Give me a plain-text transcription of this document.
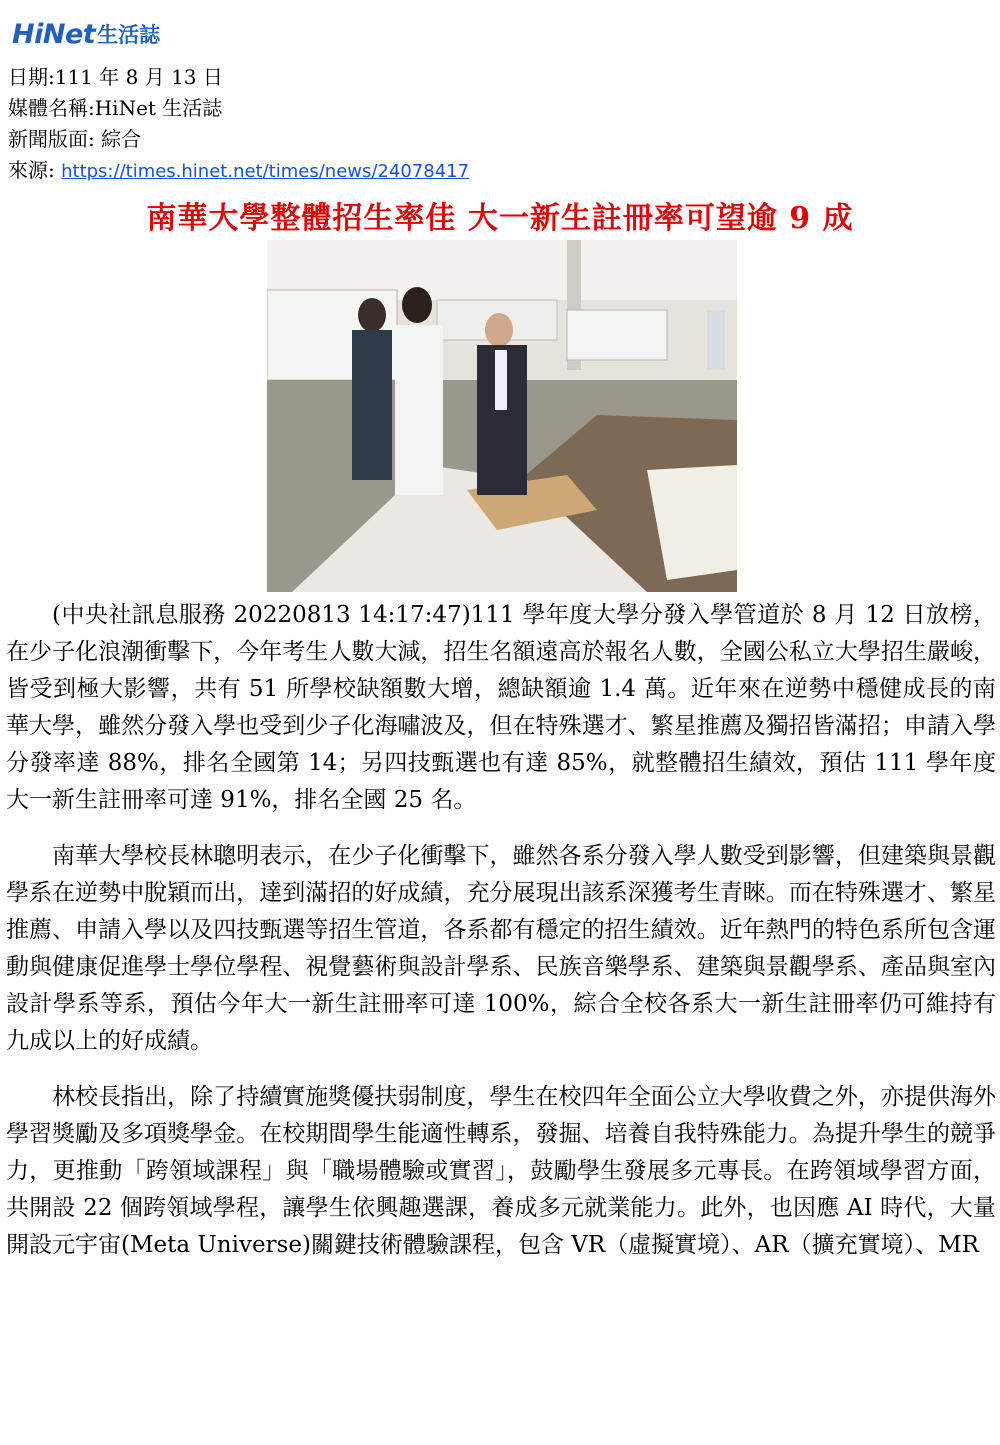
HiNet 生活誌
日期:111 年 8 月 13 日
媒體名稱:HiNet 生活誌
新聞版面: 綜合
來源: https://times.hinet.net/times/news/24078417
南華大學整體招生率佳 大一新生註冊率可望逾 9 成

(中央社訊息服務 20220813 14:17:47)111 學年度大學分發入學管道於 8 月 12 日放榜，在少子化浪潮衝擊下，今年考生人數大減，招生名額遠高於報名人數，全國公私立大學招生嚴峻，皆受到極大影響，共有 51 所學校缺額數大增，總缺額逾 1.4 萬。近年來在逆勢中穩健成長的南華大學，雖然分發入學也受到少子化海嘯波及，但在特殊選才、繁星推薦及獨招皆滿招；申請入學分發率達 88%，排名全國第 14；另四技甄選也有達 85%，就整體招生績效，預估 111 學年度大一新生註冊率可達 91%，排名全國 25 名。

南華大學校長林聰明表示，在少子化衝擊下，雖然各系分發入學人數受到影響，但建築與景觀學系在逆勢中脫穎而出，達到滿招的好成績，充分展現出該系深獲考生青睞。而在特殊選才、繁星推薦、申請入學以及四技甄選等招生管道，各系都有穩定的招生績效。近年熱門的特色系所包含運動與健康促進學士學位學程、視覺藝術與設計學系、民族音樂學系、建築與景觀學系、產品與室內設計學系等系，預估今年大一新生註冊率可達 100%，綜合全校各系大一新生註冊率仍可維持有九成以上的好成績。

林校長指出，除了持續實施獎優扶弱制度，學生在校四年全面公立大學收費之外，亦提供海外學習獎勵及多項獎學金。在校期間學生能適性轉系，發掘、培養自我特殊能力。為提升學生的競爭力，更推動「跨領域課程」與「職場體驗或實習」，鼓勵學生發展多元專長。在跨領域學習方面，共開設 22 個跨領域學程，讓學生依興趣選課，養成多元就業能力。此外，也因應 AI 時代，大量開設元宇宙(Meta Universe)關鍵技術體驗課程，包含 VR（虛擬實境）、AR（擴充實境）、MR
